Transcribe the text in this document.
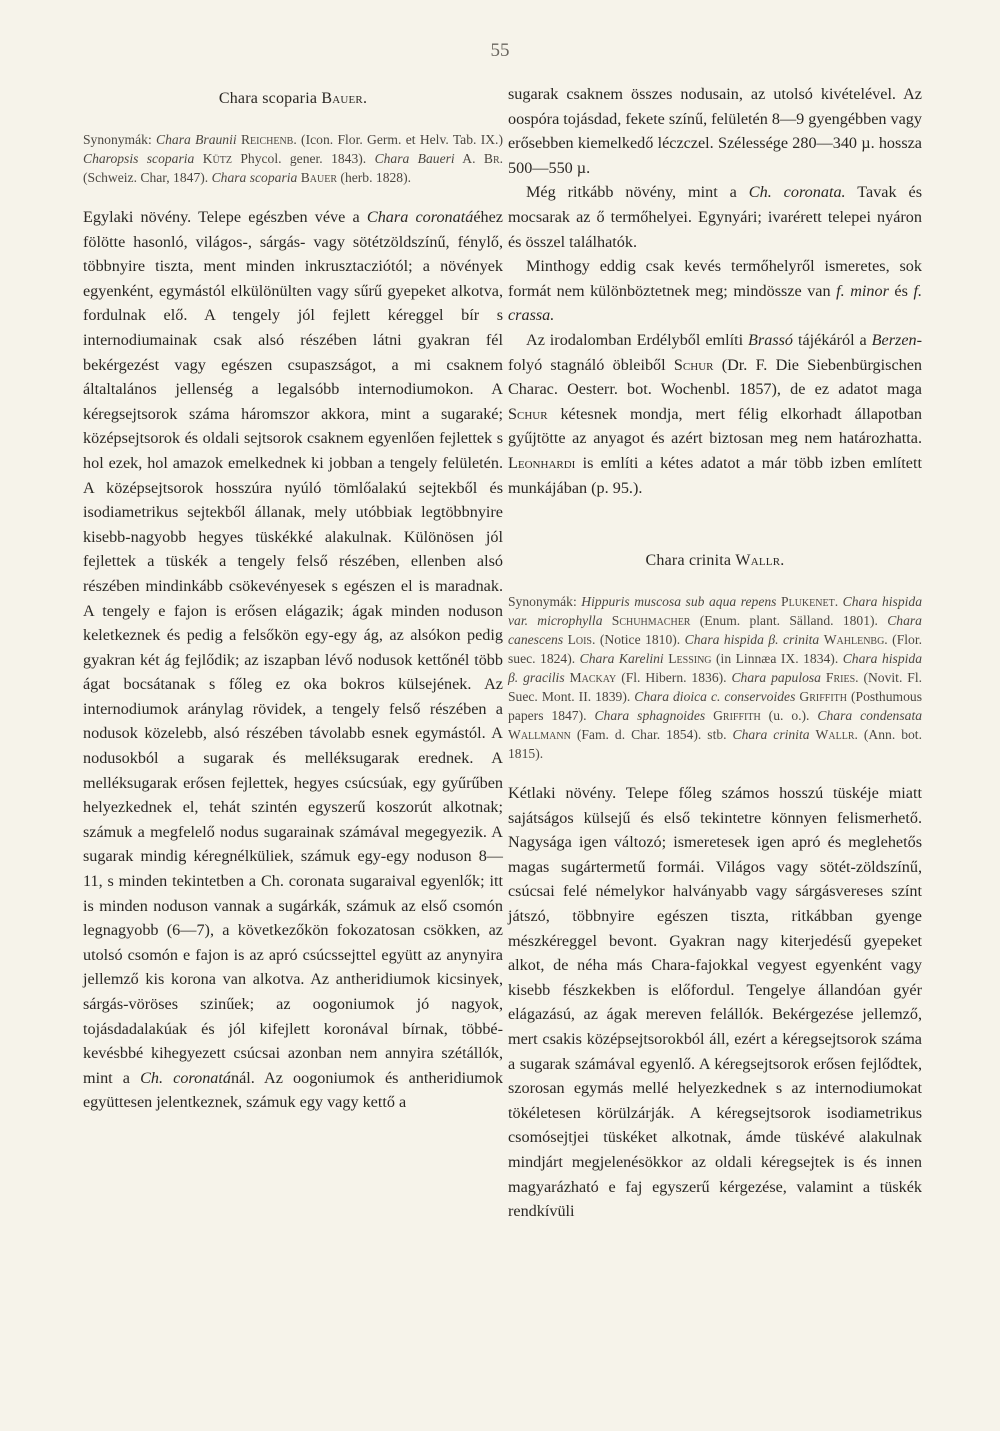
55
Chara scoparia Bauer.
Synonymák: Chara Braunii Reichenb. (Icon. Flor. Germ. et Helv. Tab. IX.) Charopsis scoparia Kütz Phycol. gener. 1843). Chara Baueri A. Br. (Schweiz. Char, 1847). Chara scoparia Bauer (herb. 1828).

Egylaki növény. Telepe egészben véve a Chara coronatáéhez fölötte hasonló, világos-, sárgás- vagy sötétzöldszínű, fénylő, többnyire tiszta, ment minden inkrusztacziótól; a növények egyenként, egymástól elkülönülten vagy sűrű gyepeket alkotva, fordulnak elő. A tengely jól fejlett kéreggel bír s internodiumainak csak alsó részében látni gyakran fél bekérgezést vagy egészen csupaszságot, a mi csaknem általtalános jellenség a legalsóbb internodiumokon. A kéregsejtsorok száma háromszor akkora, mint a sugaraké; középsejtsorok és oldali sejtsorok csaknem egyenlően fejlettek s hol ezek, hol amazok emelkednek ki jobban a tengely felületén. A középsejtsorok hosszúra nyúló tömlőalakú sejtekből és isodiametrikus sejtekből állanak, mely utóbbiak legtöbbnyire kisebb-nagyobb hegyes tüskékké alakulnak. Különösen jól fejlettek a tüskék a tengely felső részében, ellenben alsó részében mindinkább csökevényesek s egészen el is maradnak. A tengely e fajon is erősen elágazik; ágak minden noduson keletkeznek és pedig a felsőkön egy-egy ág, az alsókon pedig gyakran két ág fejlődik; az iszapban lévő nodusok kettőnél több ágat bocsátanak s főleg ez oka bokros külsejének. Az internodiumok aránylag rövidek, a tengely felső részében a nodusok közelebb, alsó részében távolabb esnek egymástól. A nodusokból a sugarak és melléksugarak erednek. A melléksugarak erősen fejlettek, hegyes csúcsúak, egy gyűrűben helyezkednek el, tehát szintén egyszerű koszorút alkotnak; számuk a megfelelő nodus sugarainak számával megegyezik. A sugarak mindig kéregnélküliek, számuk egy-egy noduson 8—11, s minden tekintetben a Ch. coronata sugaraival egyenlők; itt is minden noduson vannak a sugárkák, számuk az első csomón legnagyobb (6—7), a következőkön fokozatosan csökken, az utolsó csomón e fajon is az apró csúcssejttel együtt az anynyira jellemző kis korona van alkotva. Az antheridiumok kicsinyek, sárgás-vöröses szinűek; az oogoniumok jó nagyok, tojásdadalakúak és jól kifejlett koronával bírnak, többé-kevésbbé kihegyezett csúcsai azonban nem annyira szétállók, mint a Ch. coronatánál. Az oogoniumok és antheridiumok együttesen jelentkeznek, számuk egy vagy kettő a

sugarak csaknem összes nodusain, az utolsó kivételével. Az oospóra tojásdad, fekete színű, felületén 8—9 gyengébben vagy erősebben kiemelkedő léczczel. Szélessége 280—340 µ. hossza 500—550 µ.

Még ritkább növény, mint a Ch. coronata. Tavak és mocsarak az ő termőhelyei. Egynyári; ivarérett telepei nyáron és összel találhatók.

Minthogy eddig csak kevés termőhelyről ismeretes, sok formát nem különböztetnek meg; mindössze van f. minor és f. crassa.

Az irodalomban Erdélyből említi Brassó tájékáról a Berzen-folyó stagnáló öbleiből Schur (Dr. F. Die Siebenbürgischen Charac. Oesterr. bot. Wochenbl. 1857), de ez adatot maga Schur kétesnek mondja, mert félig elkorhadt állapotban gyűjtötte az anyagot és azért biztosan meg nem határozhatta. Leonhardi is említi a kétes adatot a már több izben említett munkájában (p. 95.).

Chara crinita Wallr.
Synonymák: Hippuris muscosa sub aqua repens Plukenet. Chara hispida var. microphylla Schuhmacher (Enum. plant. Sälland. 1801). Chara canescens Lois. (Notice 1810). Chara hispida β. crinita Wahlenbg. (Flor. suec. 1824). Chara Karelini Lessing (in Linnæa IX. 1834). Chara hispida β. gracilis Mackay (Fl. Hibern. 1836). Chara papulosa Fries. (Novit. Fl. Suec. Mont. II. 1839). Chara dioica c. conservoides Griffith (Posthumous papers 1847). Chara sphagnoides Griffith (u. o.). Chara condensata Wallmann (Fam. d. Char. 1854). stb. Chara crinita Wallr. (Ann. bot. 1815).

Kétlaki növény. Telepe főleg számos hosszú tüskéje miatt sajátságos külsejű és első tekintetre könnyen felismerhető. Nagysága igen változó; ismeretesek igen apró és meglehetős magas sugártermetű formái. Világos vagy sötét-zöldszínű, csúcsai felé némelykor halványabb vagy sárgásvereses színt játszó, többnyire egészen tiszta, ritkábban gyenge mészkéreggel bevont. Gyakran nagy kiterjedésű gyepeket alkot, de néha más Chara-fajokkal vegyest egyenként vagy kisebb fészkekben is előfordul. Tengelye állandóan gyér elágazású, az ágak mereven felállók. Bekérgezése jellemző, mert csakis középsejtsorokból áll, ezért a kéregsejtsorok száma a sugarak számával egyenlő. A kéregsejtsorok erősen fejlődtek, szorosan egymás mellé helyezkednek s az internodiumokat tökéletesen körülzárják. A kéregsejtsorok isodiametrikus csomósejtjei tüskéket alkotnak, ámde tüskévé alakulnak mindjárt megjelenésökkor az oldali kéregsejtek is és innen magyarázható e faj egyszerű kérgezése, valamint a tüskék rendkívüli
